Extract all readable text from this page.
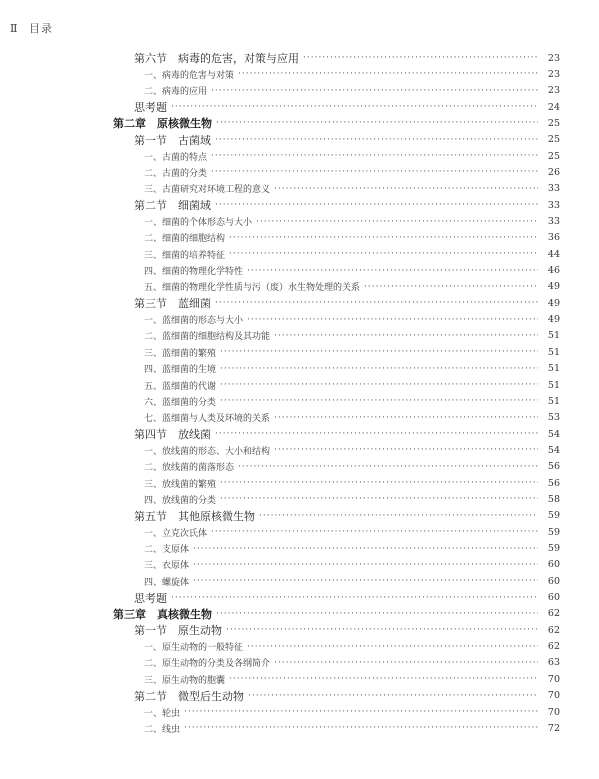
Ⅱ 目录
第六节　病毒的危害，对策与应用 ·····	23
一、病毒的危害与对策 ·····	23
二、病毒的应用 ·····	23
思考题 ·····	24
第二章　原核微生物 ·····	25
第一节　古菌域 ·····	25
一、古菌的特点 ·····	25
二、古菌的分类 ·····	26
三、古菌研究对环境工程的意义 ·····	33
第二节　细菌域 ·····	33
一、细菌的个体形态与大小 ·····	33
二、细菌的细胞结构 ·····	36
三、细菌的培养特征 ·····	44
四、细菌的物理化学特性 ·····	46
五、细菌的物理化学性质与污（废）水生物处理的关系 ·····	49
第三节　蓝细菌 ·····	49
一、蓝细菌的形态与大小 ·····	49
二、蓝细菌的细胞结构及其功能 ·····	51
三、蓝细菌的繁殖 ·····	51
四、蓝细菌的生境 ·····	51
五、蓝细菌的代谢 ·····	51
六、蓝细菌的分类 ·····	51
七、蓝细菌与人类及环境的关系 ·····	53
第四节　放线菌 ·····	54
一、放线菌的形态、大小和结构 ·····	54
二、放线菌的菌落形态 ·····	56
三、放线菌的繁殖 ·····	56
四、放线菌的分类 ·····	58
第五节　其他原核微生物 ·····	59
一、立克次氏体 ·····	59
二、支原体 ·····	59
三、衣原体 ·····	60
四、螺旋体 ·····	60
思考题 ·····	60
第三章　真核微生物 ·····	62
第一节　原生动物 ·····	62
一、原生动物的一般特征 ·····	62
二、原生动物的分类及各纲简介 ·····	63
三、原生动物的胞囊 ·····	70
第二节　微型后生动物 ·····	70
一、轮虫 ·····	70
二、线虫 ·····	72
